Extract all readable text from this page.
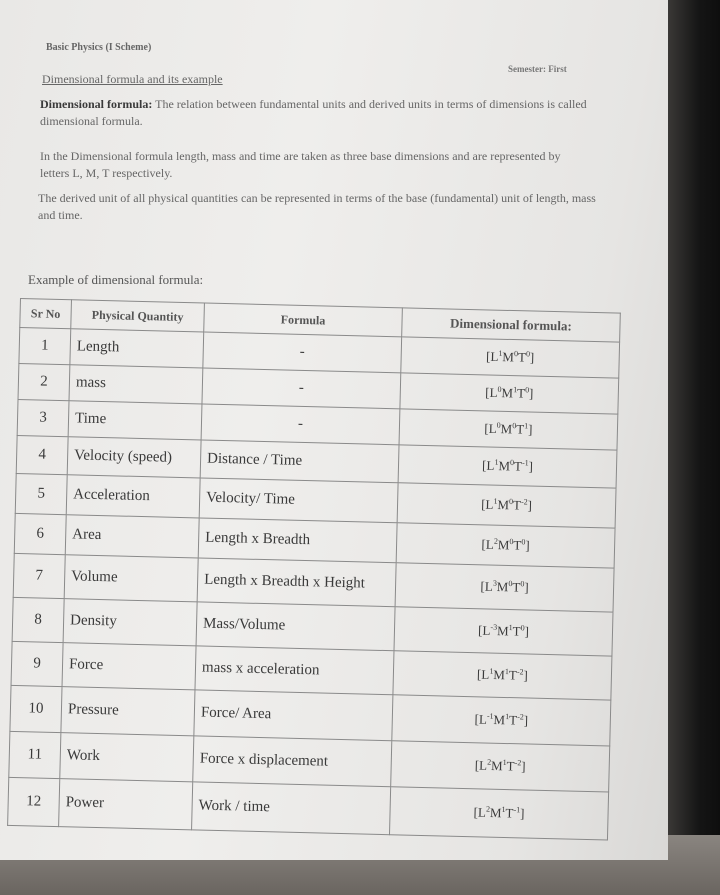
Basic Physics (I Scheme)
Semester: First
Dimensional formula and its example
Dimensional formula: The relation between fundamental units and derived units in terms of dimensions is called dimensional formula.
In the Dimensional formula length, mass and time are taken as three base dimensions and are represented by letters L, M, T respectively.
The derived unit of all physical quantities can be represented in terms of the base (fundamental) unit of length, mass and time.
Example of dimensional formula:
Sr No	Physical Quantity	Formula	Dimensional formula:
1	Length	-	$[L^1M^0T^0]$
2	mass	-	$[L^0M^1T^0]$
3	Time	-	$[L^0M^0T^1]$
4	Velocity (speed)	Distance / Time	$[L^1M^0T^{-1}]$
5	Acceleration	Velocity/ Time	$[L^1M^0T^{-2}]$
6	Area	Length x Breadth	$[L^2M^0T^0]$
7	Volume	Length x Breadth x Height	$[L^3M^0T^0]$
8	Density	Mass/Volume	$[L^{-3}M^1T^0]$
9	Force	mass x acceleration	$[L^1M^1T^{-2}]$
10	Pressure	Force/ Area	$[L^{-1}M^1T^{-2}]$
11	Work	Force x displacement	$[L^2M^1T^{-2}]$
12	Power	Work / time	$[L^2M^1T^{-1}]$
